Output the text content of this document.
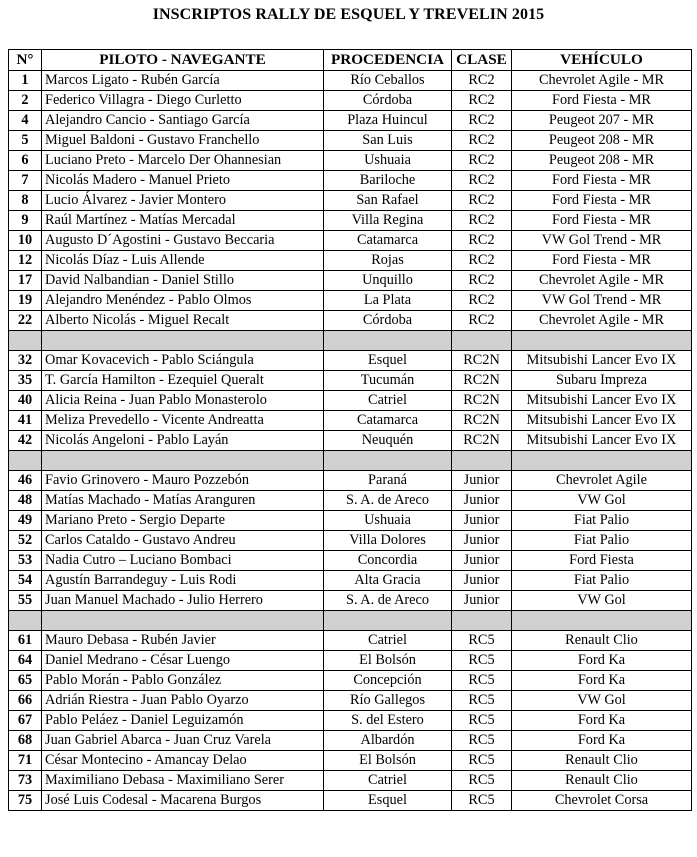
INSCRIPTOS RALLY DE ESQUEL Y TREVELIN 2015
N°	PILOTO - NAVEGANTE	PROCEDENCIA	CLASE	VEHÍCULO
1	Marcos Ligato - Rubén García	Río Ceballos	RC2	Chevrolet Agile - MR
2	Federico Villagra - Diego Curletto	Córdoba	RC2	Ford Fiesta - MR
4	Alejandro Cancio - Santiago García	Plaza Huincul	RC2	Peugeot 207 - MR
5	Miguel Baldoni - Gustavo Franchello	San Luis	RC2	Peugeot 208 - MR
6	Luciano Preto - Marcelo Der Ohannesian	Ushuaia	RC2	Peugeot 208 - MR
7	Nicolás Madero - Manuel Prieto	Bariloche	RC2	Ford Fiesta - MR
8	Lucio Álvarez - Javier Montero	San Rafael	RC2	Ford Fiesta - MR
9	Raúl Martínez - Matías Mercadal	Villa Regina	RC2	Ford Fiesta - MR
10	Augusto D´Agostini - Gustavo Beccaria	Catamarca	RC2	VW Gol Trend - MR
12	Nicolás Díaz - Luis Allende	Rojas	RC2	Ford Fiesta - MR
17	David Nalbandian - Daniel Stillo	Unquillo	RC2	Chevrolet Agile - MR
19	Alejandro Menéndez - Pablo Olmos	La Plata	RC2	VW Gol Trend - MR
22	Alberto Nicolás - Miguel Recalt	Córdoba	RC2	Chevrolet Agile - MR

32	Omar Kovacevich - Pablo Sciángula	Esquel	RC2N	Mitsubishi Lancer Evo IX
35	T. García Hamilton - Ezequiel Queralt	Tucumán	RC2N	Subaru Impreza
40	Alicia Reina - Juan Pablo Monasterolo	Catriel	RC2N	Mitsubishi Lancer Evo IX
41	Meliza Prevedello - Vicente Andreatta	Catamarca	RC2N	Mitsubishi Lancer Evo IX
42	Nicolás Angeloni - Pablo Layán	Neuquén	RC2N	Mitsubishi Lancer Evo IX

46	Favio Grinovero - Mauro Pozzebón	Paraná	Junior	Chevrolet Agile
48	Matías Machado - Matías Aranguren	S. A. de Areco	Junior	VW Gol
49	Mariano Preto - Sergio Departe	Ushuaia	Junior	Fiat Palio
52	Carlos Cataldo - Gustavo Andreu	Villa Dolores	Junior	Fiat Palio
53	Nadia Cutro – Luciano Bombaci	Concordia	Junior	Ford Fiesta
54	Agustín Barrandeguy - Luis Rodi	Alta Gracia	Junior	Fiat Palio
55	Juan Manuel Machado - Julio Herrero	S. A. de Areco	Junior	VW Gol

61	Mauro Debasa - Rubén Javier	Catriel	RC5	Renault Clio
64	Daniel Medrano - César Luengo	El Bolsón	RC5	Ford Ka
65	Pablo Morán - Pablo González	Concepción	RC5	Ford Ka
66	Adrián Riestra - Juan Pablo Oyarzo	Río Gallegos	RC5	VW Gol
67	Pablo Peláez - Daniel Leguizamón	S. del Estero	RC5	Ford Ka
68	Juan Gabriel Abarca - Juan Cruz Varela	Albardón	RC5	Ford Ka
71	César Montecino - Amancay Delao	El Bolsón	RC5	Renault Clio
73	Maximiliano Debasa - Maximiliano Serer	Catriel	RC5	Renault Clio
75	José Luis Codesal - Macarena Burgos	Esquel	RC5	Chevrolet Corsa
